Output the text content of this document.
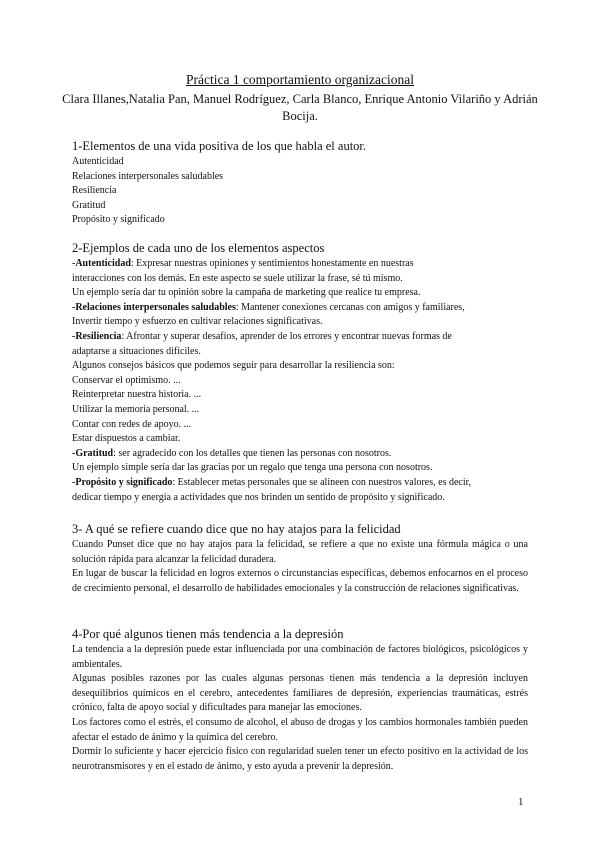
Práctica 1 comportamiento organizacional
Clara Illanes,Natalia Pan, Manuel Rodríguez, Carla Blanco, Enrique Antonio Vilariño y Adrián Bocija.

1-Elementos de una vida positiva de los que habla el autor.

Autenticidad

Relaciones interpersonales saludables

Resiliencia

Gratitud

Propósito y significado

2-Ejemplos de cada uno de los elementos aspectos

-Autenticidad: Expresar nuestras opiniones y sentimientos honestamente en nuestras

interacciones con los demás. En este aspecto se suele utilizar la frase, sé tú mismo.

Un ejemplo sería dar tu opinión sobre la campaña de marketing que realice tu empresa.

-Relaciones interpersonales saludables: Mantener conexiones cercanas con amigos y familiares,

Invertir tiempo y esfuerzo en cultivar relaciones significativas.

-Resiliencia: Afrontar y superar desafíos, aprender de los errores y encontrar nuevas formas de

adaptarse a situaciones difíciles.

Algunos consejos básicos que podemos seguir para desarrollar la resiliencia son:

Conservar el optimismo. ...

Reinterpretar nuestra historia. ...

Utilizar la memoria personal. ...

Contar con redes de apoyo. ...

Estar dispuestos a cambiar.

-Gratitud: ser agradecido con los detalles que tienen las personas con nosotros.

Un ejemplo simple sería dar las gracias por un regalo que tenga una persona con nosotros.

-Propósito y significado: Establecer metas personales que se alineen con nuestros valores, es decir,

dedicar tiempo y energía a actividades que nos brinden un sentido de propósito y significado.

3- A qué se refiere cuando dice que no hay atajos para la felicidad

Cuando Punset dice que no hay atajos para la felicidad, se refiere a que no existe una fórmula mágica o una solución rápida para alcanzar la felicidad duradera.

En lugar de buscar la felicidad en logros externos o circunstancias específicas, debemos enfocarnos en el proceso de crecimiento personal, el desarrollo de habilidades emocionales y la construcción de relaciones significativas.

4-Por qué algunos tienen más tendencia a la depresión

La tendencia a la depresión puede estar influenciada por una combinación de factores biológicos, psicológicos y ambientales.

Algunas posibles razones por las cuales algunas personas tienen más tendencia a la depresión incluyen desequilibrios químicos en el cerebro, antecedentes familiares de depresión, experiencias traumáticas, estrés crónico, falta de apoyo social y dificultades para manejar las emociones.

Los factores como el estrés, el consumo de alcohol, el abuso de drogas y los cambios hormonales también pueden afectar el estado de ánimo y la química del cerebro.

Dormir lo suficiente y hacer ejercicio físico con regularidad suelen tener un efecto positivo en la actividad de los neurotransmisores y en el estado de ánimo, y esto ayuda a prevenir la depresión.

1
